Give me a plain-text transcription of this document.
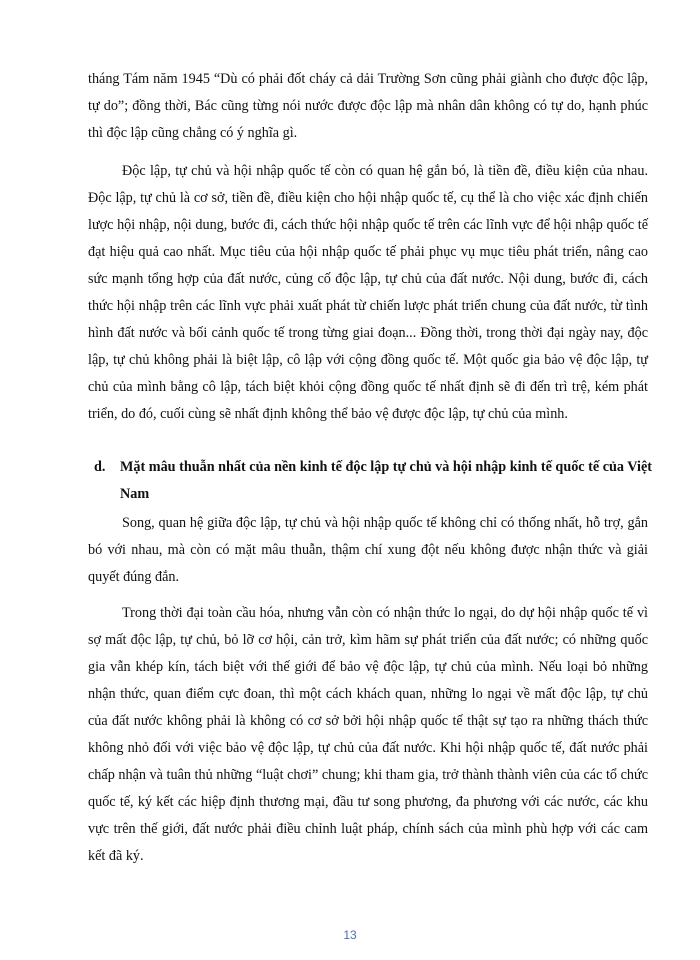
tháng Tám năm 1945 “Dù có phải đốt cháy cả dải Trường Sơn cũng phải giành cho được độc lập, tự do”; đồng thời, Bác cũng từng nói nước được độc lập mà nhân dân không có tự do, hạnh phúc thì độc lập cũng chẳng có ý nghĩa gì.

Độc lập, tự chủ và hội nhập quốc tế còn có quan hệ gắn bó, là tiền đề, điều kiện của nhau. Độc lập, tự chủ là cơ sở, tiền đề, điều kiện cho hội nhập quốc tế, cụ thể là cho việc xác định chiến lược hội nhập, nội dung, bước đi, cách thức hội nhập quốc tế trên các lĩnh vực để hội nhập quốc tế đạt hiệu quả cao nhất. Mục tiêu của hội nhập quốc tế phải phục vụ mục tiêu phát triển, nâng cao sức mạnh tổng hợp của đất nước, củng cố độc lập, tự chủ của đất nước. Nội dung, bước đi, cách thức hội nhập trên các lĩnh vực phải xuất phát từ chiến lược phát triển chung của đất nước, từ tình hình đất nước và bối cảnh quốc tế trong từng giai đoạn... Đồng thời, trong thời đại ngày nay, độc lập, tự chủ không phải là biệt lập, cô lập với cộng đồng quốc tế. Một quốc gia bảo vệ độc lập, tự chủ của mình bằng cô lập, tách biệt khỏi cộng đồng quốc tế nhất định sẽ đi đến trì trệ, kém phát triển, do đó, cuối cùng sẽ nhất định không thể bảo vệ được độc lập, tự chủ của mình.

d. Mặt mâu thuẫn nhất của nền kinh tế độc lập tự chủ và hội nhập kinh tế quốc tế của Việt Nam

Song, quan hệ giữa độc lập, tự chủ và hội nhập quốc tế không chỉ có thống nhất, hỗ trợ, gắn bó với nhau, mà còn có mặt mâu thuẫn, thậm chí xung đột nếu không được nhận thức và giải quyết đúng đắn.

Trong thời đại toàn cầu hóa, nhưng vẫn còn có nhận thức lo ngại, do dự hội nhập quốc tế vì sợ mất độc lập, tự chủ, bỏ lỡ cơ hội, cản trở, kìm hãm sự phát triển của đất nước; có những quốc gia vẫn khép kín, tách biệt với thế giới để bảo vệ độc lập, tự chủ của mình. Nếu loại bỏ những nhận thức, quan điểm cực đoan, thì một cách khách quan, những lo ngại về mất độc lập, tự chủ của đất nước không phải là không có cơ sở bởi hội nhập quốc tế thật sự tạo ra những thách thức không nhỏ đối với việc bảo vệ độc lập, tự chủ của đất nước. Khi hội nhập quốc tế, đất nước phải chấp nhận và tuân thủ những “luật chơi” chung; khi tham gia, trở thành thành viên của các tổ chức quốc tế, ký kết các hiệp định thương mại, đầu tư song phương, đa phương với các nước, các khu vực trên thế giới, đất nước phải điều chỉnh luật pháp, chính sách của mình phù hợp với các cam kết đã ký.

13
